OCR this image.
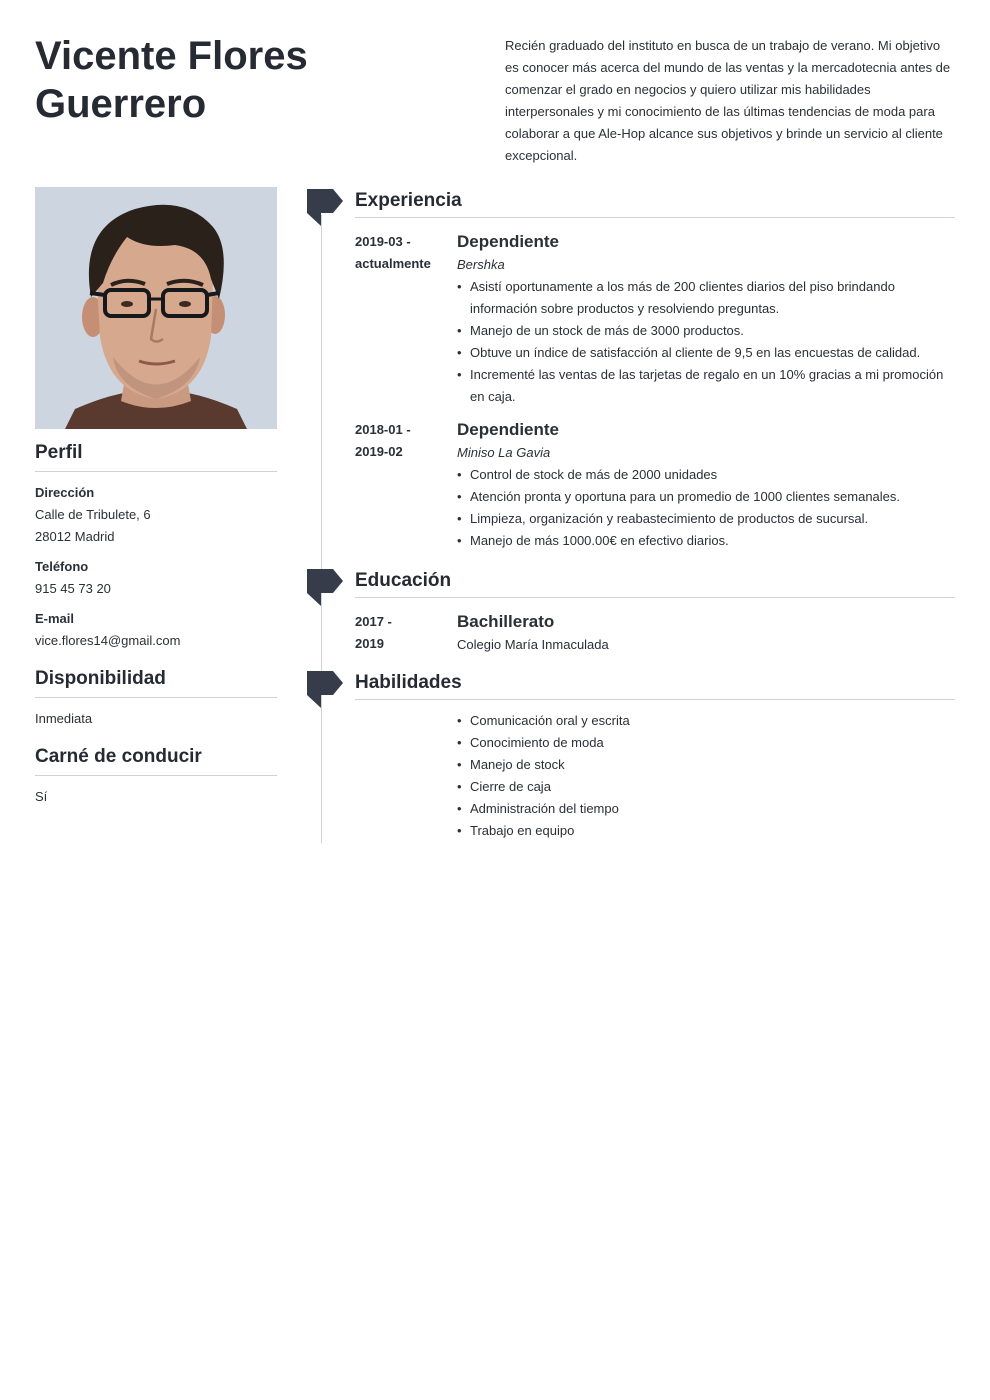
Vicente Flores Guerrero

Recién graduado del instituto en busca de un trabajo de verano. Mi objetivo es conocer más acerca del mundo de las ventas y la mercadotecnia antes de comenzar el grado en negocios y quiero utilizar mis habilidades interpersonales y mi conocimiento de las últimas tendencias de moda para colaborar a que Ale-Hop alcance sus objetivos y brinde un servicio al cliente excepcional.

Perfil
Dirección
Calle de Tribulete, 6
28012 Madrid
Teléfono
915 45 73 20
E-mail
vice.flores14@gmail.com
Disponibilidad
Inmediata
Carné de conducir
Sí
Experiencia
2019-03 -
actualmente
Dependiente
Bershka
• Asistí oportunamente a los más de 200 clientes diarios del piso brindando información sobre productos y resolviendo preguntas.
• Manejo de un stock de más de 3000 productos.
• Obtuve un índice de satisfacción al cliente de 9,5 en las encuestas de calidad.
• Incrementé las ventas de las tarjetas de regalo en un 10% gracias a mi promoción en caja.
2018-01 -
2019-02
Dependiente
Miniso La Gavia
• Control de stock de más de 2000 unidades
• Atención pronta y oportuna para un promedio de 1000 clientes semanales.
• Limpieza, organización y reabastecimiento de productos de sucursal.
• Manejo de más 1000.00€ en efectivo diarios.
Educación
2017 -
2019
Bachillerato
Colegio María Inmaculada
Habilidades
• Comunicación oral y escrita
• Conocimiento de moda
• Manejo de stock
• Cierre de caja
• Administración del tiempo
• Trabajo en equipo
